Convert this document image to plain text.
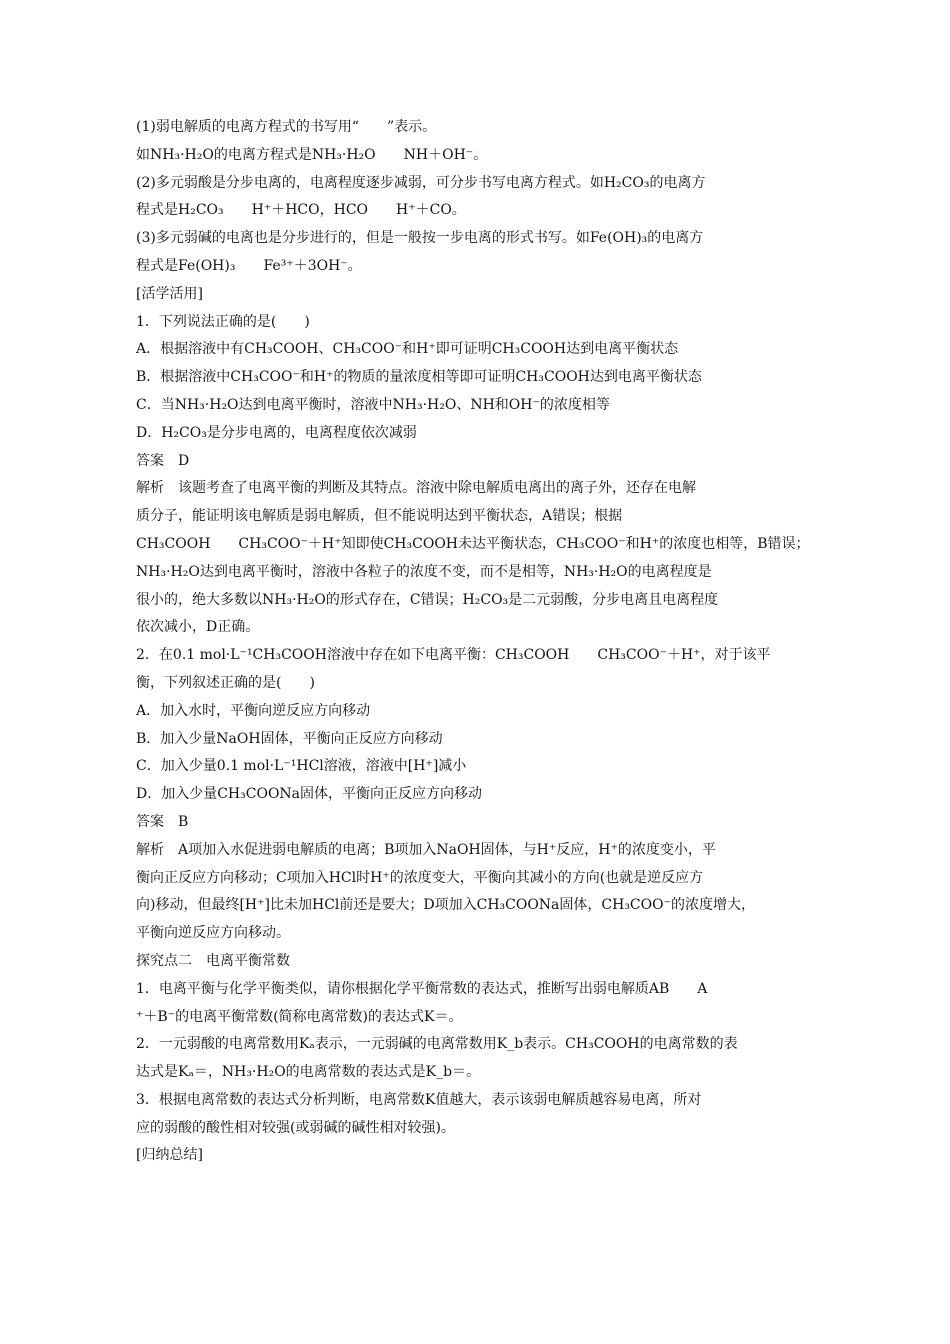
(1)弱电解质的电离方程式的书写用“　　”表示。
如NH₃·H₂O的电离方程式是NH₃·H₂O　　NH＋OH⁻。
(2)多元弱酸是分步电离的，电离程度逐步减弱，可分步书写电离方程式。如H₂CO₃的电离方
程式是H₂CO₃　　H⁺＋HCO，HCO　　H⁺＋CO。
(3)多元弱碱的电离也是分步进行的，但是一般按一步电离的形式书写。如Fe(OH)₃的电离方
程式是Fe(OH)₃　　Fe³⁺＋3OH⁻。
[活学活用]
1．下列说法正确的是(　　)
A．根据溶液中有CH₃COOH、CH₃COO⁻和H⁺即可证明CH₃COOH达到电离平衡状态
B．根据溶液中CH₃COO⁻和H⁺的物质的量浓度相等即可证明CH₃COOH达到电离平衡状态
C．当NH₃·H₂O达到电离平衡时，溶液中NH₃·H₂O、NH和OH⁻的浓度相等
D．H₂CO₃是分步电离的，电离程度依次减弱
答案　D
解析　该题考查了电离平衡的判断及其特点。溶液中除电解质电离出的离子外，还存在电解
质分子，能证明该电解质是弱电解质，但不能说明达到平衡状态，A错误；根据
CH₃COOH　　CH₃COO⁻＋H⁺知即使CH₃COOH未达平衡状态，CH₃COO⁻和H⁺的浓度也相等，B错误；
NH₃·H₂O达到电离平衡时，溶液中各粒子的浓度不变，而不是相等，NH₃·H₂O的电离程度是
很小的，绝大多数以NH₃·H₂O的形式存在，C错误；H₂CO₃是二元弱酸，分步电离且电离程度
依次减小，D正确。
2．在0.1 mol·L⁻¹CH₃COOH溶液中存在如下电离平衡：CH₃COOH　　CH₃COO⁻＋H⁺，对于该平
衡，下列叙述正确的是(　　)
A．加入水时，平衡向逆反应方向移动
B．加入少量NaOH固体，平衡向正反应方向移动
C．加入少量0.1 mol·L⁻¹HCl溶液，溶液中[H⁺]减小
D．加入少量CH₃COONa固体，平衡向正反应方向移动
答案　B
解析　A项加入水促进弱电解质的电离；B项加入NaOH固体，与H⁺反应，H⁺的浓度变小，平
衡向正反应方向移动；C项加入HCl时H⁺的浓度变大，平衡向其减小的方向(也就是逆反应方
向)移动，但最终[H⁺]比未加HCl前还是要大；D项加入CH₃COONa固体，CH₃COO⁻的浓度增大，
平衡向逆反应方向移动。
探究点二　电离平衡常数
1．电离平衡与化学平衡类似，请你根据化学平衡常数的表达式，推断写出弱电解质AB　　A
⁺＋B⁻的电离平衡常数(简称电离常数)的表达式K＝。
2．一元弱酸的电离常数用Kₐ表示，一元弱碱的电离常数用K_b表示。CH₃COOH的电离常数的表
达式是Kₐ＝，NH₃·H₂O的电离常数的表达式是K_b＝。
3．根据电离常数的表达式分析判断，电离常数K值越大，表示该弱电解质越容易电离，所对
应的弱酸的酸性相对较强(或弱碱的碱性相对较强)。
[归纳总结]
